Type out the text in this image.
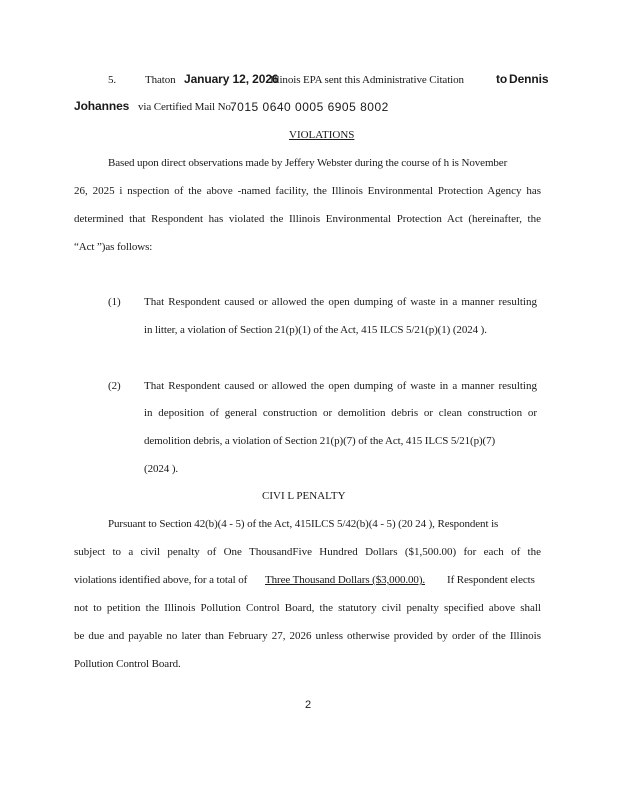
5.	Thaton January 12, 2026
Illinois EPA sent this Administrative Citation	to Dennis
Johannes via Certified Mail No.
7015 0640 0005 6905 8002
VIOLATIONS
Based upon direct observations made by Jeffery Webster during the course of h is November
26, 2025 i nspection of the above -named facility, the Illinois Environmental Protection Agency has
determined that Respondent has violated the Illinois Environmental Protection Act (hereinafter, the
“Act ”)as follows:
(1) That Respondent caused or allowed the open dumping of waste in a manner resulting
in litter, a violation of Section 21(p)(1) of the Act, 415 ILCS 5/21(p)(1) (2024 ).
(2) That Respondent caused or allowed the open dumping of waste in a manner resulting
in deposition of general construction or demolition debris or clean construction or
demolition debris, a violation of Section 21(p)(7) of the Act, 415 ILCS 5/21(p)(7)
(2024 ).
CIVI L PENALTY
Pursuant to Section 42(b)(4 - 5) of the Act, 415ILCS 5/42(b)(4 - 5) (20 24 ), Respondent is
subject to a civil penalty of One ThousandFive Hundred Dollars ($1,500.00) for each of the
violations identified above, for a total of Three Thousand Dollars ($3,000.00).	If Respondent elects
not to petition the Illinois Pollution Control Board, the statutory civil penalty specified above shall
be due and payable no later than February 27, 2026 unless otherwise provided by order of the Illinois
Pollution Control Board.
2
